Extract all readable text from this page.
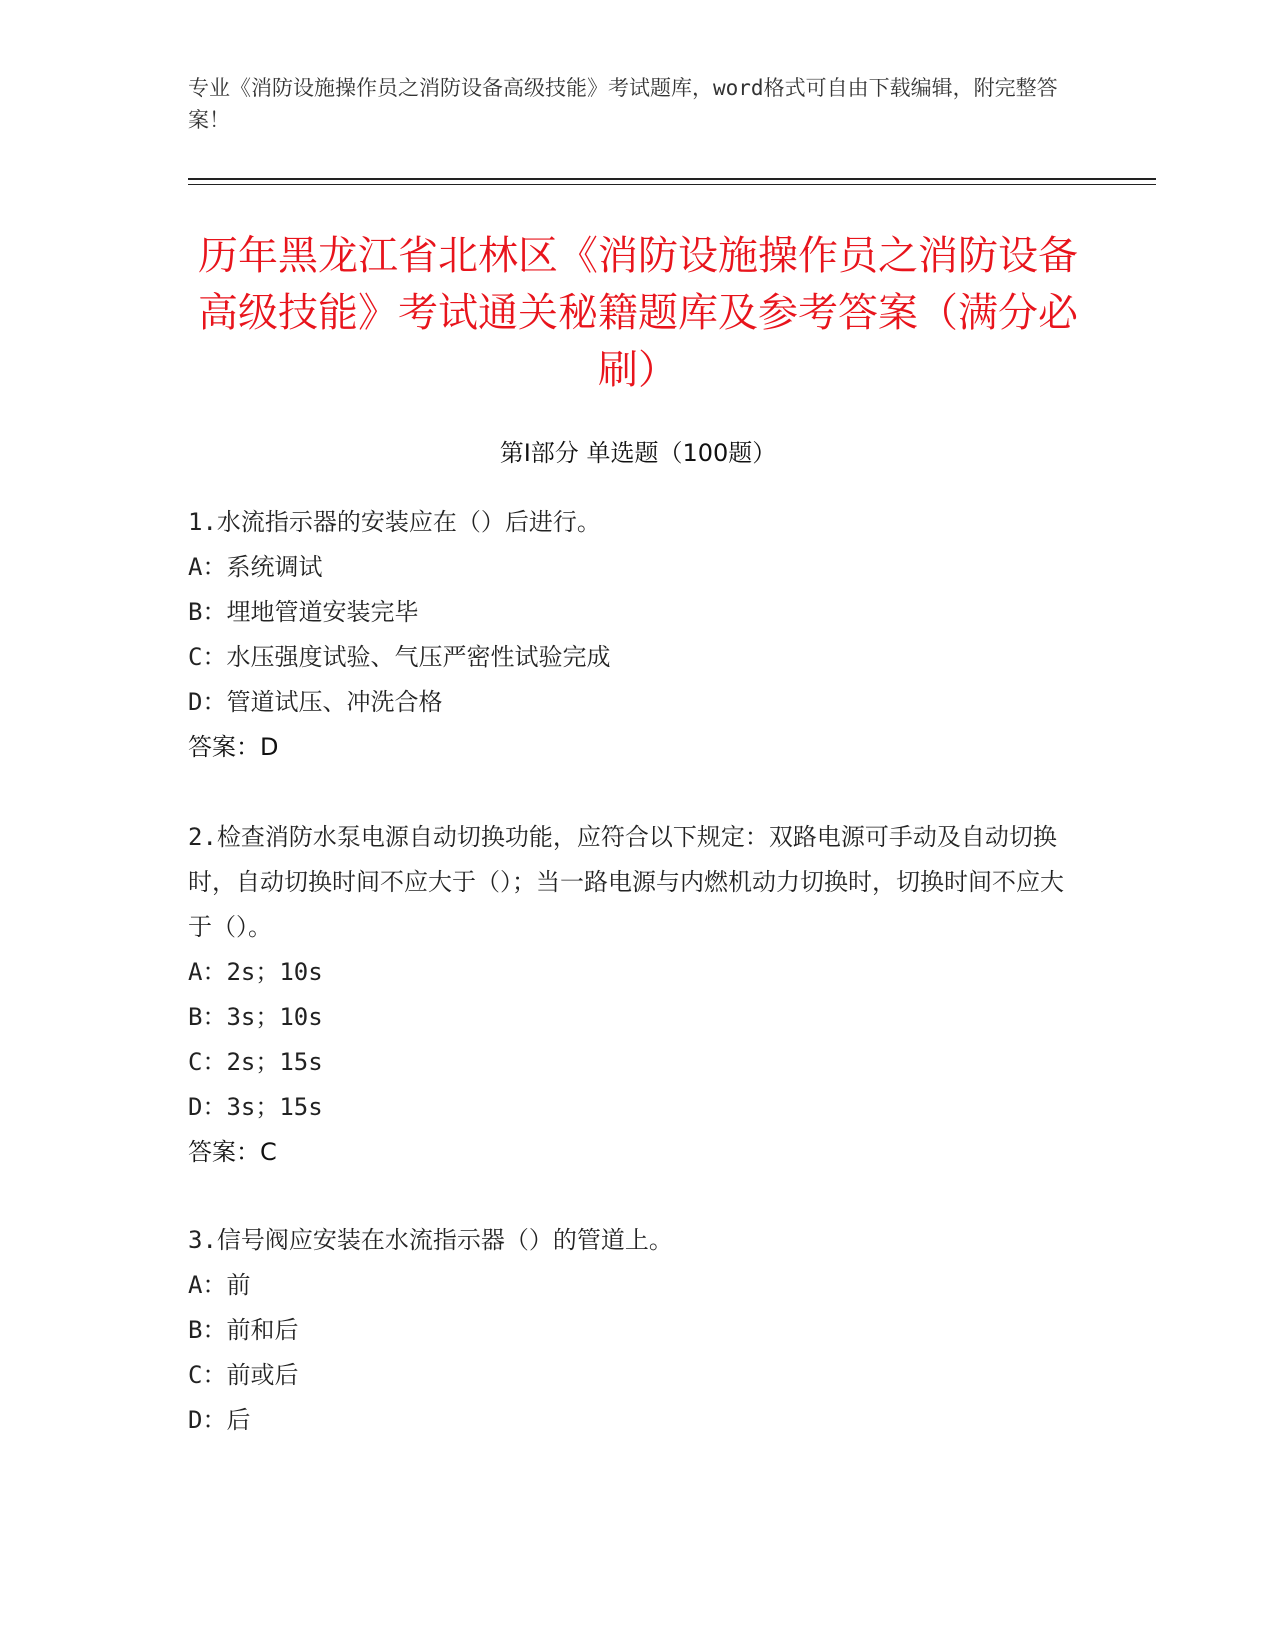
专业《消防设施操作员之消防设备高级技能》考试题库，word格式可自由下载编辑，附完整答案！
历年黑龙江省北林区《消防设施操作员之消防设备高级技能》考试通关秘籍题库及参考答案（满分必刷）
第Ⅰ部分 单选题（100题）

1.水流指示器的安装应在（）后进行。

A：系统调试

B：埋地管道安装完毕

C：水压强度试验、气压严密性试验完成

D：管道试压、冲洗合格

答案：D

2.检查消防水泵电源自动切换功能，应符合以下规定：双路电源可手动及自动切换时，自动切换时间不应大于（）；当一路电源与内燃机动力切换时，切换时间不应大于（）。

A：2s；10s

B：3s；10s

C：2s；15s

D：3s；15s

答案：C

3.信号阀应安装在水流指示器（）的管道上。

A：前

B：前和后

C：前或后

D：后
